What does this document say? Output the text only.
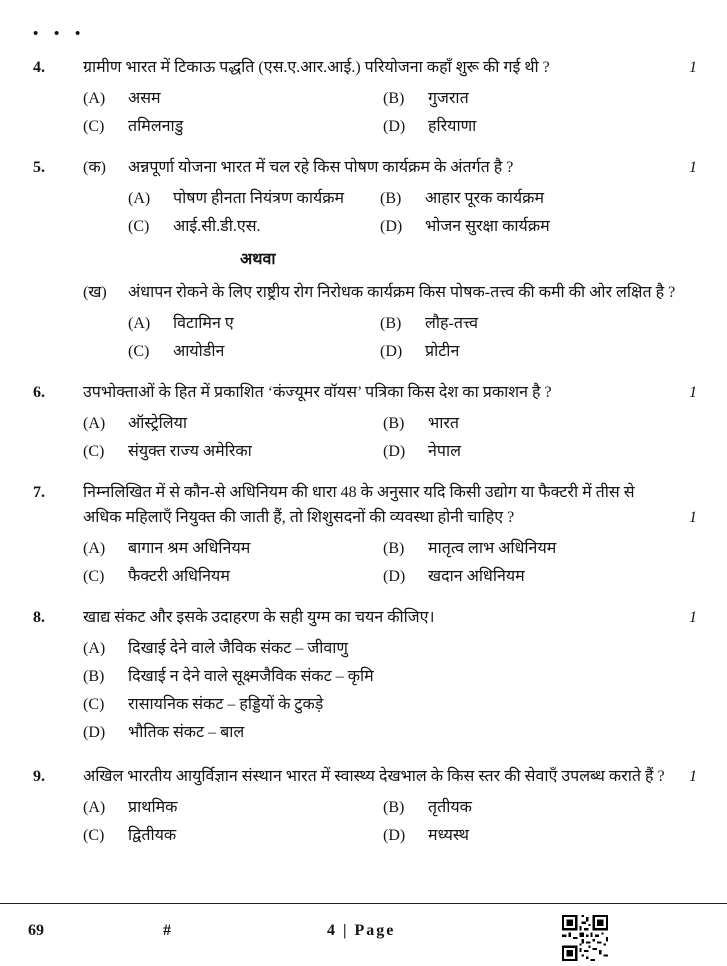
• • •
4.	ग्रामीण भारत में टिकाऊ पद्धति (एस.ए.आर.आई.) परियोजना कहाँ शुरू की गई थी ?	1
(A)	असम	(B)	गुजरात
(C)	तमिलनाडु	(D)	हरियाणा
5.	(क)	अन्नपूर्णा योजना भारत में चल रहे किस पोषण कार्यक्रम के अंतर्गत है ?	1
(A)	पोषण हीनता नियंत्रण कार्यक्रम	(B)	आहार पूरक कार्यक्रम
(C)	आई.सी.डी.एस.	(D)	भोजन सुरक्षा कार्यक्रम
अथवा
(ख)	अंधापन रोकने के लिए राष्ट्रीय रोग निरोधक कार्यक्रम किस पोषक-तत्त्व की कमी की ओर लक्षित है ?
(A)	विटामिन ए	(B)	लौह-तत्त्व
(C)	आयोडीन	(D)	प्रोटीन
6.	उपभोक्ताओं के हित में प्रकाशित ‘कंज्यूमर वॉयस’ पत्रिका किस देश का प्रकाशन है ?	1
(A)	ऑस्ट्रेलिया	(B)	भारत
(C)	संयुक्त राज्य अमेरिका	(D)	नेपाल
7.	निम्नलिखित में से कौन-से अधिनियम की धारा 48 के अनुसार यदि किसी उद्योग या फैक्टरी में तीस से अधिक महिलाएँ नियुक्त की जाती हैं, तो शिशुसदनों की व्यवस्था होनी चाहिए ?	1
(A)	बागान श्रम अधिनियम	(B)	मातृत्व लाभ अधिनियम
(C)	फैक्टरी अधिनियम	(D)	खदान अधिनियम
8.	खाद्य संकट और इसके उदाहरण के सही युग्म का चयन कीजिए।	1
(A)	दिखाई देने वाले जैविक संकट – जीवाणु
(B)	दिखाई न देने वाले सूक्ष्मजैविक संकट – कृमि
(C)	रासायनिक संकट – हड्डियों के टुकड़े
(D)	भौतिक संकट – बाल
9.	अखिल भारतीय आयुर्विज्ञान संस्थान भारत में स्वास्थ्य देखभाल के किस स्तर की सेवाएँ उपलब्ध कराते हैं ?	1
(A)	प्राथमिक	(B)	तृतीयक
(C)	द्वितीयक	(D)	मध्यस्थ
69	#	4 | Page
